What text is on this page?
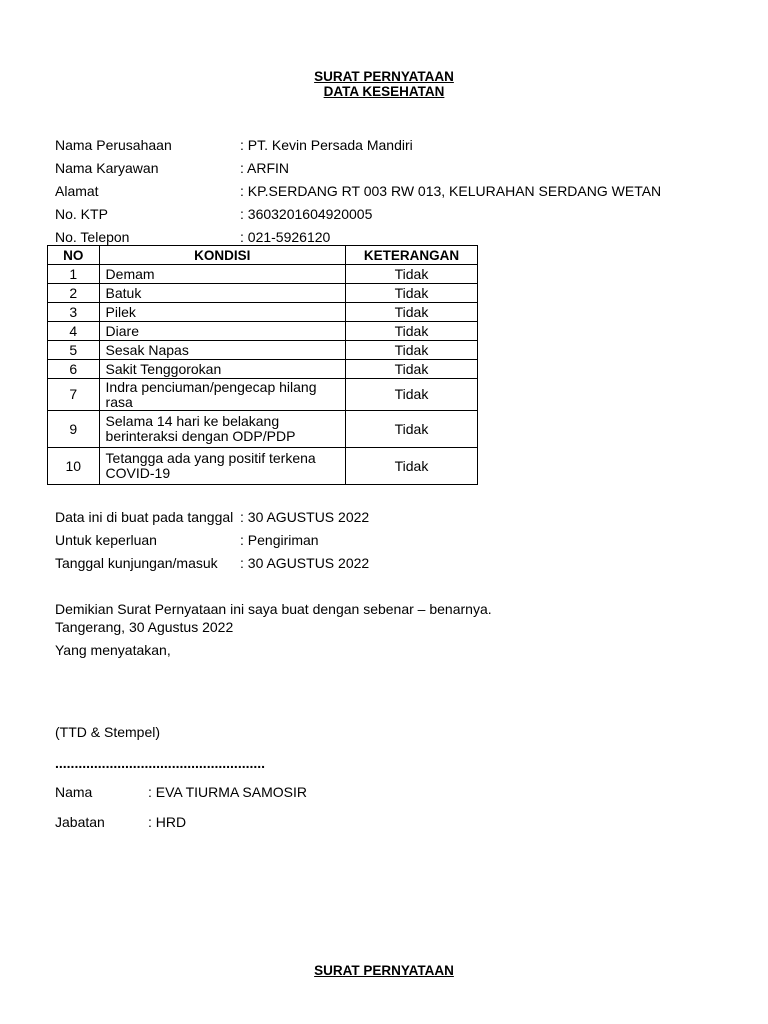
SURAT PERNYATAAN
DATA KESEHATAN
Nama Perusahaan	: PT. Kevin Persada Mandiri
Nama Karyawan	: ARFIN
Alamat	: KP.SERDANG RT 003 RW 013, KELURAHAN SERDANG WETAN
No. KTP	: 3603201604920005
No. Telepon	: 021-5926120
NO	KONDISI	KETERANGAN
1	Demam	Tidak
2	Batuk	Tidak
3	Pilek	Tidak
4	Diare	Tidak
5	Sesak Napas	Tidak
6	Sakit Tenggorokan	Tidak
7	Indra penciuman/pengecap hilang rasa	Tidak
9	Selama 14 hari ke belakang berinteraksi dengan ODP/PDP	Tidak
10	Tetangga ada yang positif terkena COVID-19	Tidak
Data ini di buat pada tanggal : 30 AGUSTUS 2022
Untuk keperluan	: Pengiriman
Tanggal kunjungan/masuk : 30 AGUSTUS 2022
Demikian Surat Pernyataan ini saya buat dengan sebenar – benarnya.
Tangerang, 30 Agustus 2022
Yang menyatakan,
(TTD & Stempel)
......................................................
Nama	: EVA TIURMA SAMOSIR
Jabatan	: HRD
SURAT PERNYATAAN
